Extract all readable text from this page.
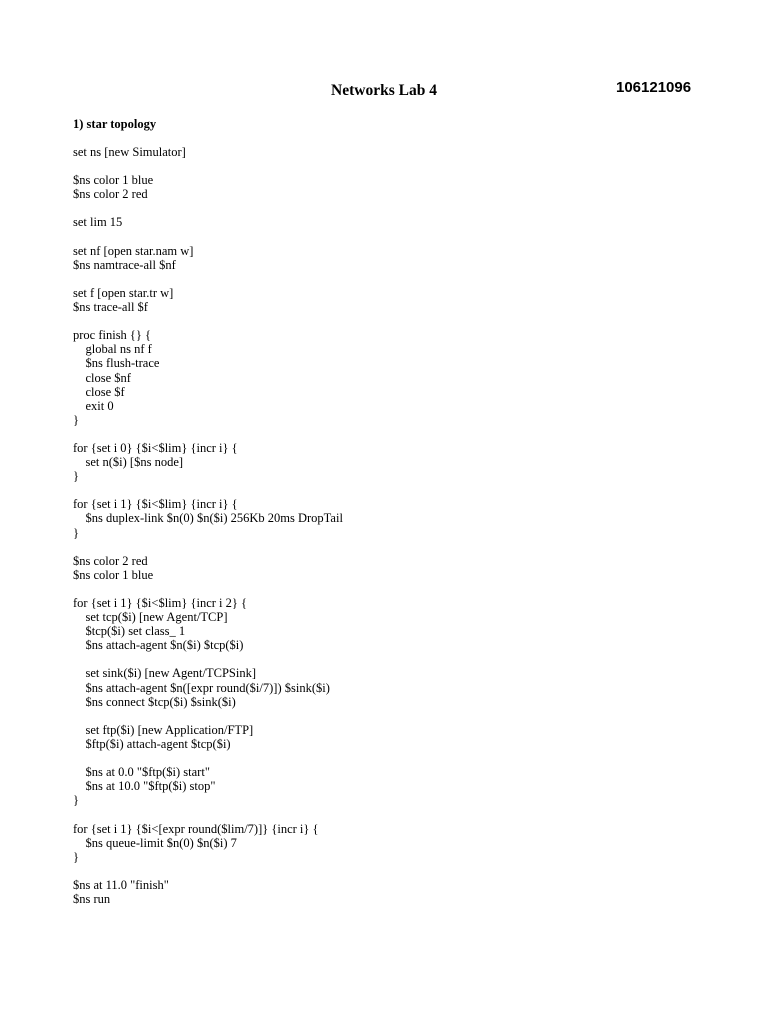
Networks Lab 4	106121096
1) star topology
set ns [new Simulator]
$ns color 1 blue
$ns color 2 red
set lim 15
set nf [open star.nam w]
$ns namtrace-all $nf
set f [open star.tr w]
$ns trace-all $f
proc finish {} {
global ns nf f
$ns flush-trace
close $nf
close $f
exit 0
}
for {set i 0} {$i<$lim} {incr i} {
set n($i) [$ns node]
}
for {set i 1} {$i<$lim} {incr i} {
$ns duplex-link $n(0) $n($i) 256Kb 20ms DropTail
}
$ns color 2 red
$ns color 1 blue
for {set i 1} {$i<$lim} {incr i 2} {
set tcp($i) [new Agent/TCP]
$tcp($i) set class_ 1
$ns attach-agent $n($i) $tcp($i)
set sink($i) [new Agent/TCPSink]
$ns attach-agent $n([expr round($i/7)]) $sink($i)
$ns connect $tcp($i) $sink($i)
set ftp($i) [new Application/FTP]
$ftp($i) attach-agent $tcp($i)
$ns at 0.0 "$ftp($i) start"
$ns at 10.0 "$ftp($i) stop"
}
for {set i 1} {$i<[expr round($lim/7)]} {incr i} {
$ns queue-limit $n(0) $n($i) 7
}
$ns at 11.0 "finish"
$ns run
